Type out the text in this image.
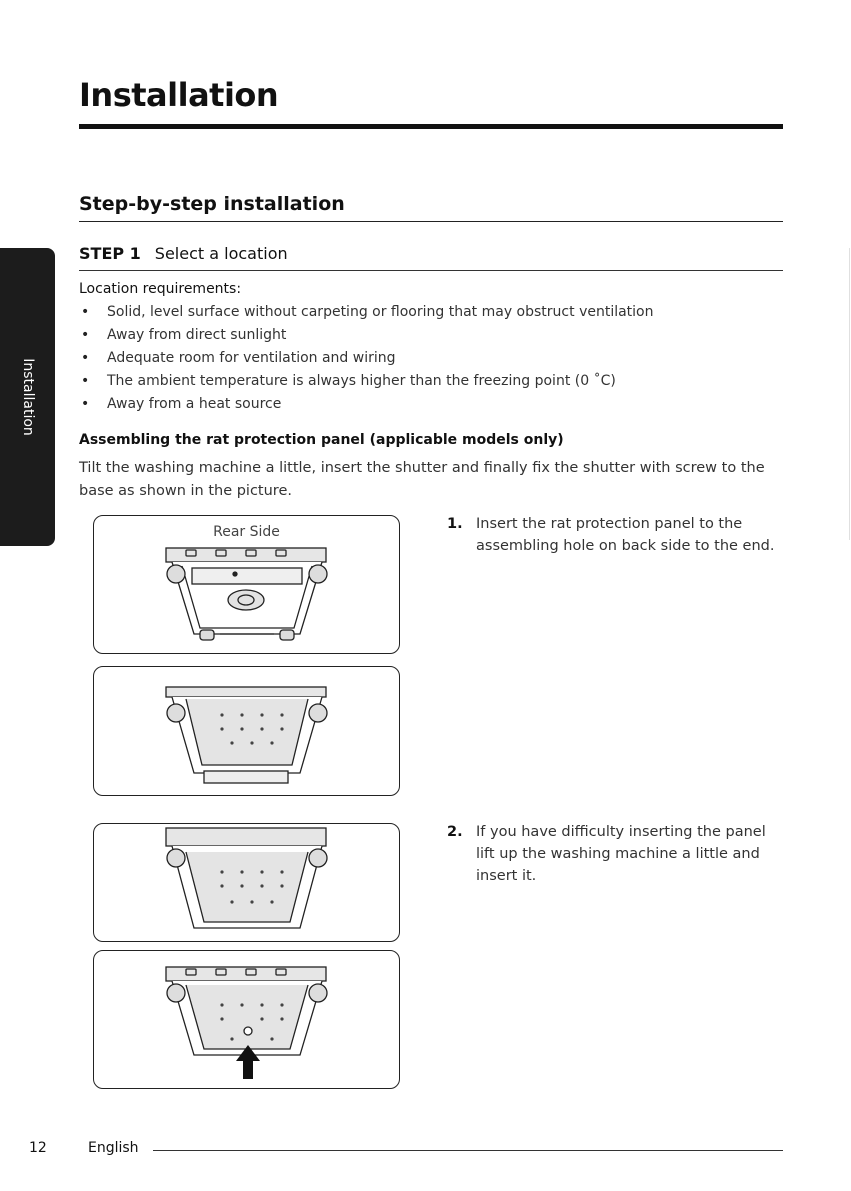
Installation
Installation
Step-by-step installation
STEP 1 Select a location
Location requirements:
• Solid, level surface without carpeting or flooring that may obstruct ventilation
• Away from direct sunlight
• Adequate room for ventilation and wiring
• The ambient temperature is always higher than the freezing point (0 ˚C)
• Away from a heat source
Assembling the rat protection panel (applicable models only)

Tilt the washing machine a little, insert the shutter and finally fix the shutter with screw to the base as shown in the picture.

Rear Side	1. Insert the rat protection panel to the assembling hole on back side to the end.
2. If you have difficulty inserting the panel lift up the washing machine a little and insert it.
12	English
